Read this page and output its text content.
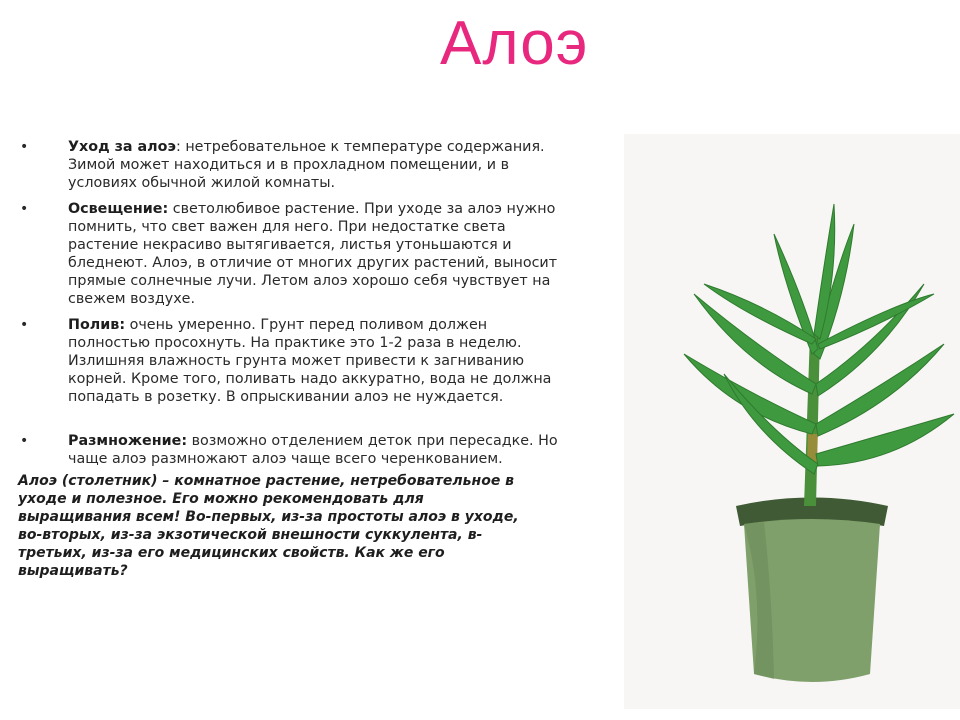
Алоэ
•	Уход за алоэ: нетребовательное к температуре содержания. Зимой может находиться и в прохладном помещении, и в условиях обычной жилой комнаты.
•	Освещение: светолюбивое растение. При уходе за алоэ нужно помнить, что свет важен для него. При недостатке света растение некрасиво вытягивается, листья утоньшаются и бледнеют. Алоэ, в отличие от многих других растений, выносит прямые солнечные лучи. Летом алоэ хорошо себя чувствует на свежем воздухе.
•	Полив: очень умеренно. Грунт перед поливом должен полностью просохнуть. На практике это 1-2 раза в неделю. Излишняя влажность грунта может привести к загниванию корней. Кроме того, поливать надо аккуратно, вода не должна попадать в розетку. В опрыскивании алоэ не нуждается.
•	Размножение: возможно отделением деток при пересадке. Но чаще алоэ размножают алоэ чаще всего черенкованием.
Алоэ (столетник) – комнатное растение, нетребовательное в уходе и полезное. Его можно рекомендовать для выращивания всем! Во-первых, из-за простоты алоэ в уходе, во-вторых, из-за экзотической внешности суккулента, в-третьих, из-за его медицинских свойств. Как же его выращивать?
